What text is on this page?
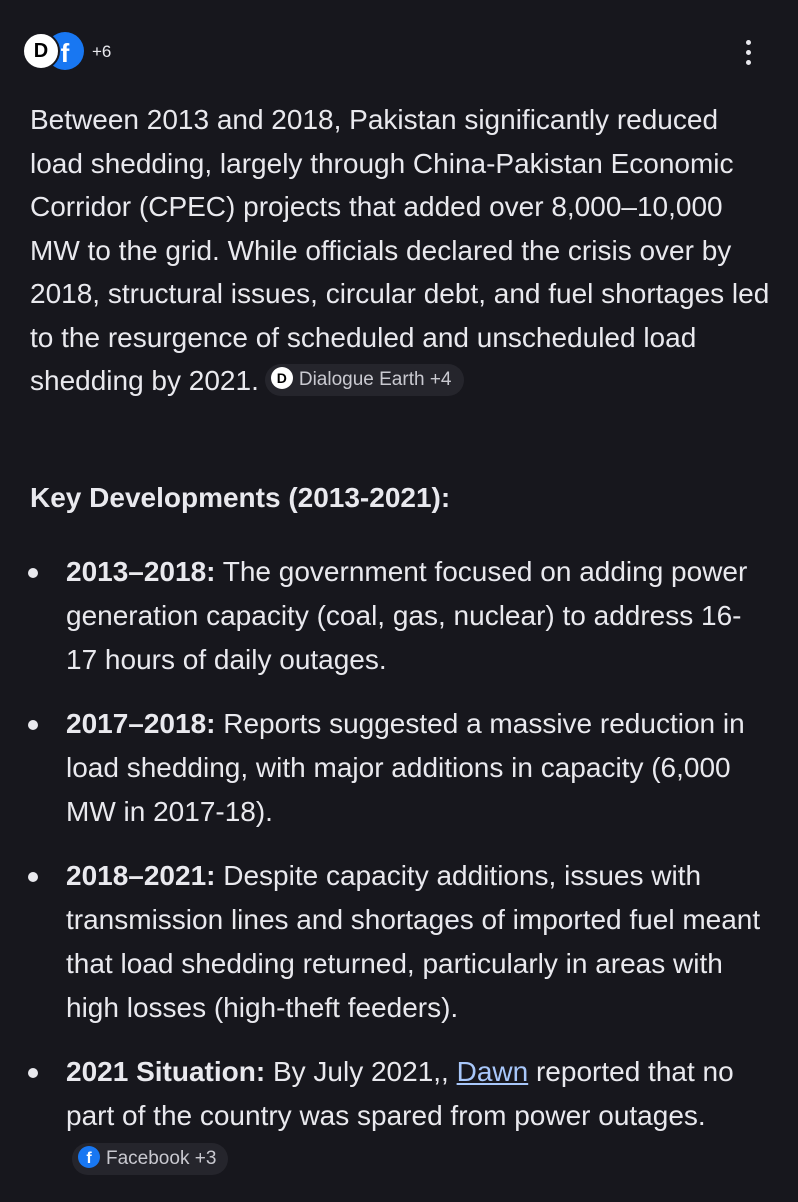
D f	+6

Between 2013 and 2018, Pakistan significantly reduced load shedding, largely through China-Pakistan Economic Corridor (CPEC) projects that added over 8,000–10,000 MW to the grid. While officials declared the crisis over by 2018, structural issues, circular debt, and fuel shortages led to the resurgence of scheduled and unscheduled load shedding by 2021. D Dialogue Earth +4

Key Developments (2013-2021):
2013–2018: The government focused on adding power generation capacity (coal, gas, nuclear) to address 16-17 hours of daily outages.
2017–2018: Reports suggested a massive reduction in load shedding, with major additions in capacity (6,000 MW in 2017-18).
2018–2021: Despite capacity additions, issues with transmission lines and shortages of imported fuel meant that load shedding returned, particularly in areas with high losses (high-theft feeders).
2021 Situation: By July 2021,, Dawn reported that no part of the country was spared from power outages.f Facebook +3
